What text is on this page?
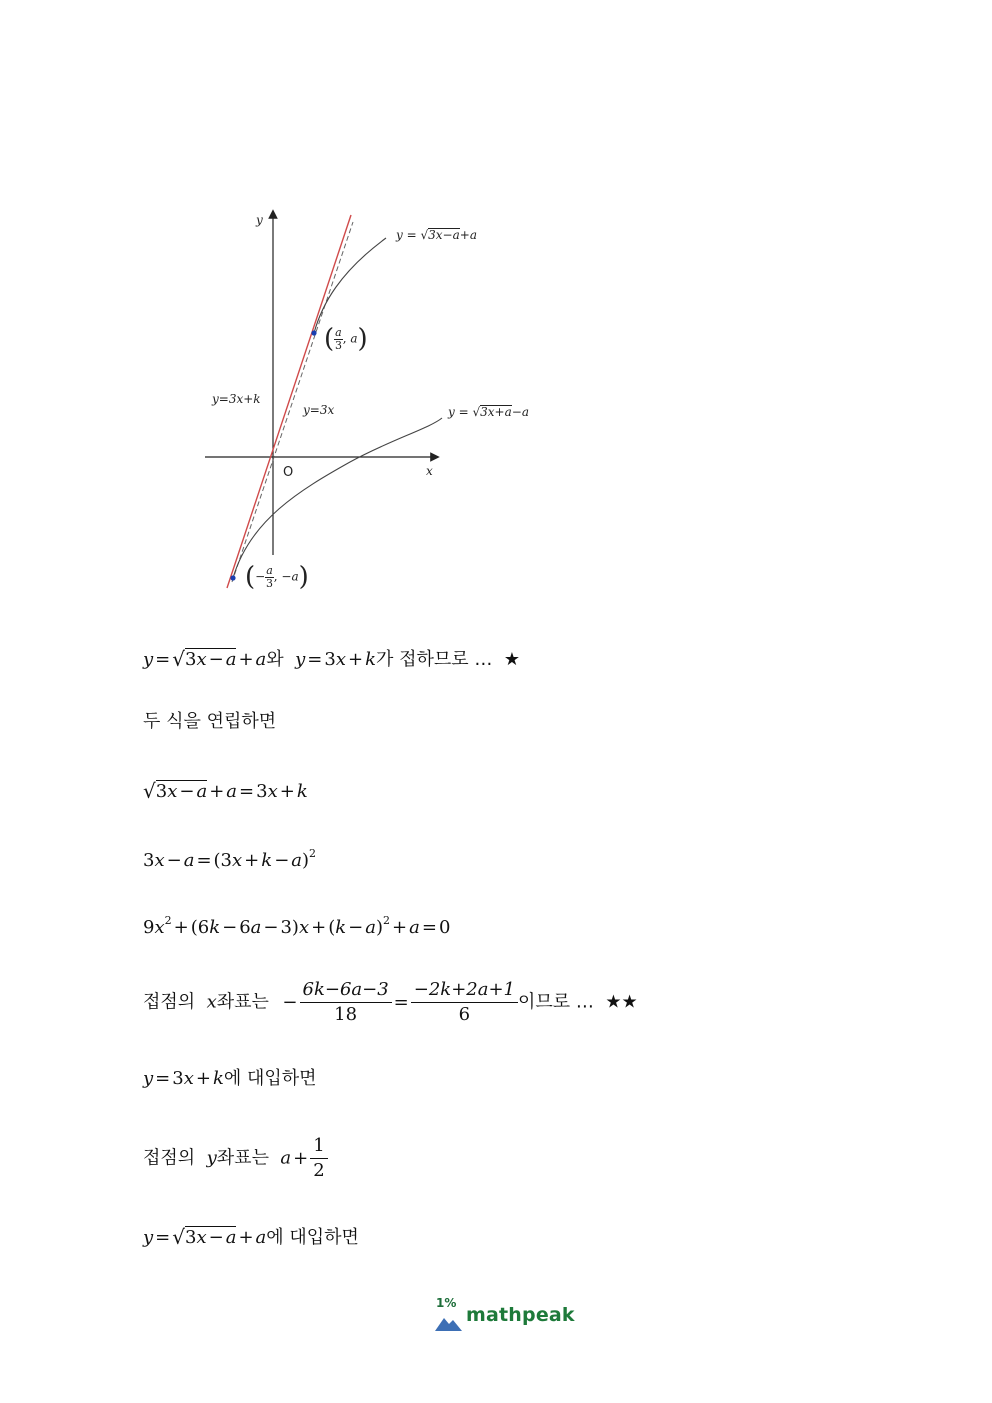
y
x
O
y = √3x−a+a
y = √3x+a−a
y=3x+k
y=3x
( $\frac{a}{3}$ , a)
(− $\frac{a}{3}$ , −a)
y = √ 3x − a + a와 y = 3x + k가 접하므로 … ★
두 식을 연립하면
√ 3x − a + a = 3x + k
$3x - a = (3x + k - a)^2$
$9x^2 + (6k - 6a - 3)x + (k - a)^2 + a = 0$
접점의 x좌표는 − $\frac{6k-6a-3}{18} = \frac{-2k+2a+1}{6}$ 이므로 … ★★
y = 3x + k에 대입하면
접점의 y좌표는 $a + \frac{1}{2}$
y = √ 3x − a + a에 대입하면
1%
mathpeak
